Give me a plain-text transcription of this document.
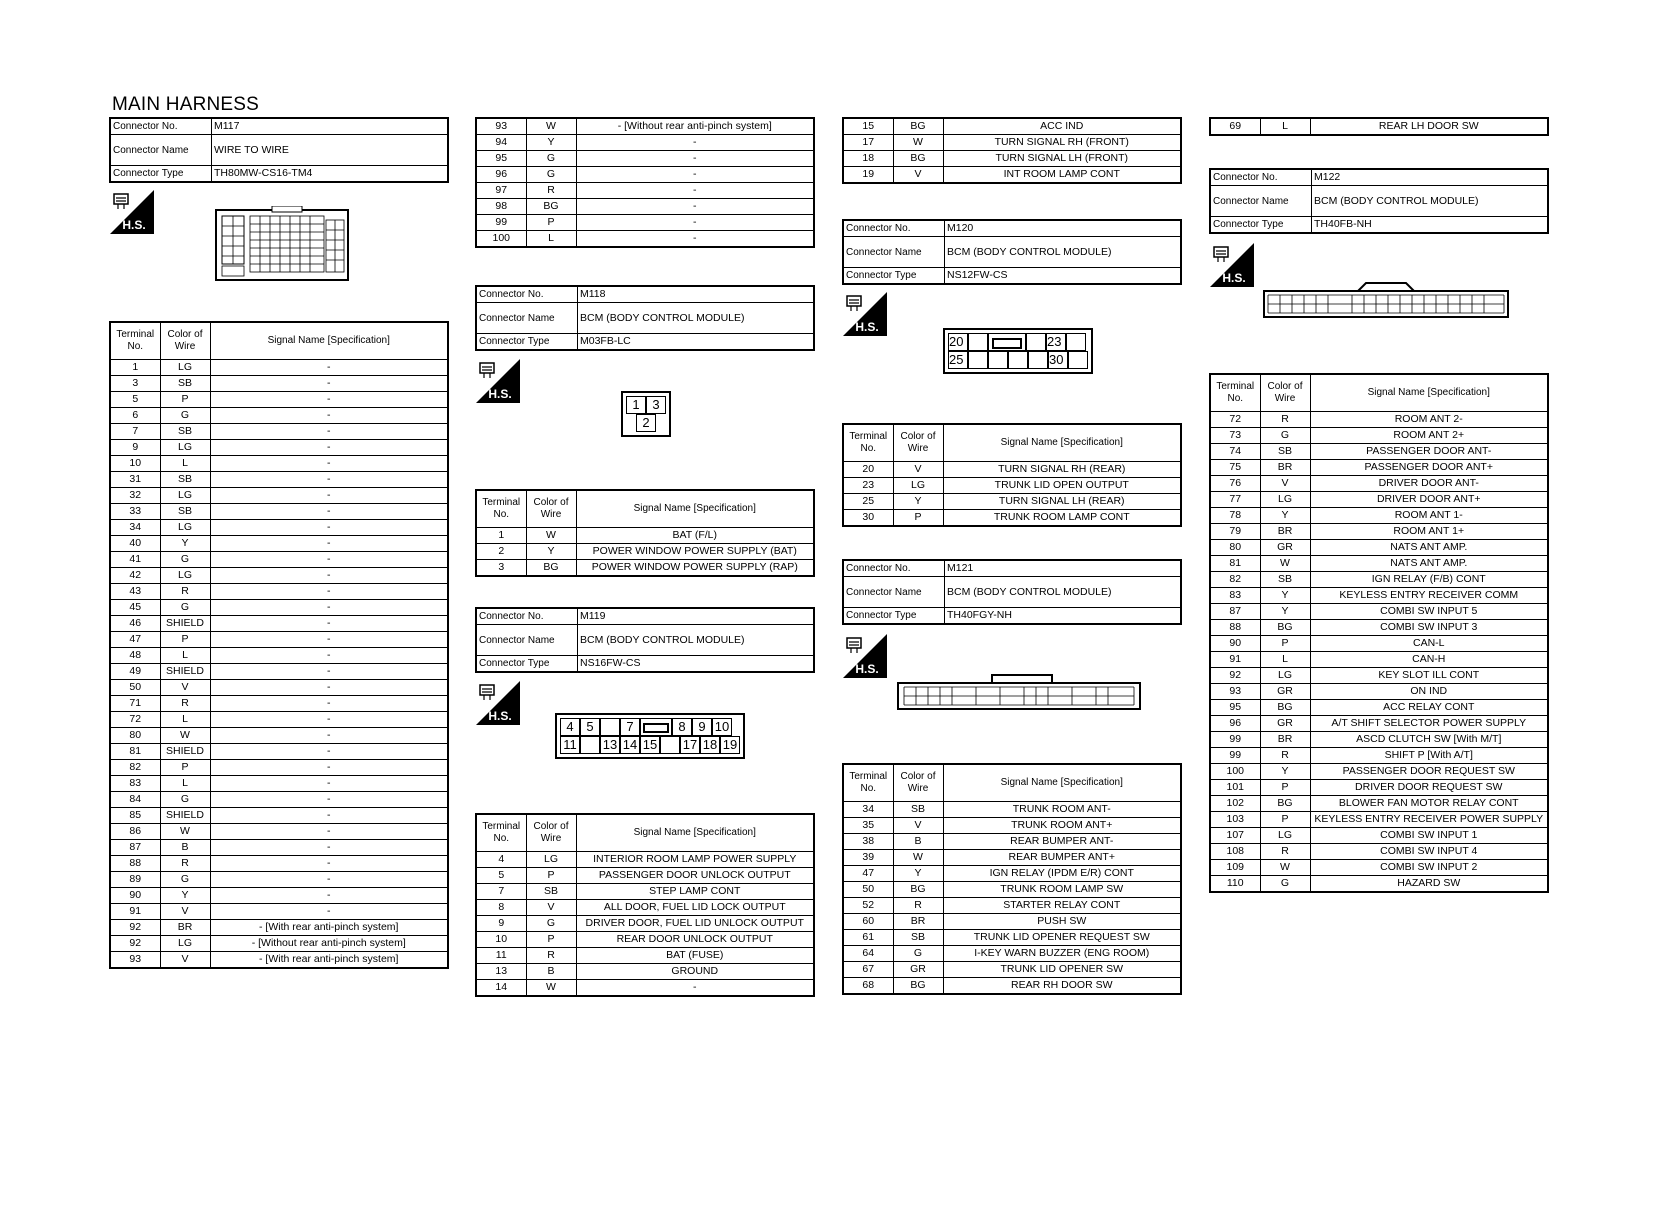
MAIN HARNESS
Connector No.	M117
Connector Name	WIRE TO WIRE
Connector Type	TH80MW-CS16-TM4
Terminal No.	Color of Wire	Signal Name [Specification]
1	LG	-
3	SB	-
5	P	-
6	G	-
7	SB	-
9	LG	-
10	L	-
31	SB	-
32	LG	-
33	SB	-
34	LG	-
40	Y	-
41	G	-
42	LG	-
43	R	-
45	G	-
46	SHIELD	-
47	P	-
48	L	-
49	SHIELD	-
50	V	-
71	R	-
72	L	-
80	W	-
81	SHIELD	-
82	P	-
83	L	-
84	G	-
85	SHIELD	-
86	W	-
87	B	-
88	R	-
89	G	-
90	Y	-
91	V	-
92	BR	- [With rear anti-pinch system]
92	LG	- [Without rear anti-pinch system]
93	V	- [With rear anti-pinch system]
93	W	- [Without rear anti-pinch system]
94	Y	-
95	G	-
96	G	-
97	R	-
98	BG	-
99	P	-
100	L	-
Connector No.	M118
Connector Name	BCM (BODY CONTROL MODULE)
Connector Type	M03FB-LC
1 3
2
Terminal No.	Color of Wire	Signal Name [Specification]
1	W	BAT (F/L)
2	Y	POWER WINDOW POWER SUPPLY (BAT)
3	BG	POWER WINDOW POWER SUPPLY (RAP)
Connector No.	M119
Connector Name	BCM (BODY CONTROL MODULE)
Connector Type	NS16FW-CS
4 5	7	8 9 10
11 13 14 15 17 18 19
Terminal No.	Color of Wire	Signal Name [Specification]
4	LG	INTERIOR ROOM LAMP POWER SUPPLY
5	P	PASSENGER DOOR UNLOCK OUTPUT
7	SB	STEP LAMP CONT
8	V	ALL DOOR, FUEL LID LOCK OUTPUT
9	G	DRIVER DOOR, FUEL LID UNLOCK OUTPUT
10	P	REAR DOOR UNLOCK OUTPUT
11	R	BAT (FUSE)
13	B	GROUND
14	W	-
15	BG	ACC IND
17	W	TURN SIGNAL RH (FRONT)
18	BG	TURN SIGNAL LH (FRONT)
19	V	INT ROOM LAMP CONT
Connector No.	M120
Connector Name	BCM (BODY CONTROL MODULE)
Connector Type	NS12FW-CS
20	23
25	30
Terminal No.	Color of Wire	Signal Name [Specification]
20	V	TURN SIGNAL RH (REAR)
23	LG	TRUNK LID OPEN OUTPUT
25	Y	TURN SIGNAL LH (REAR)
30	P	TRUNK ROOM LAMP CONT
Connector No.	M121
Connector Name	BCM (BODY CONTROL MODULE)
Connector Type	TH40FGY-NH
Terminal No.	Color of Wire	Signal Name [Specification]
34	SB	TRUNK ROOM ANT-
35	V	TRUNK ROOM ANT+
38	B	REAR BUMPER ANT-
39	W	REAR BUMPER ANT+
47	Y	IGN RELAY (IPDM E/R) CONT
50	BG	TRUNK ROOM LAMP SW
52	R	STARTER RELAY CONT
60	BR	PUSH SW
61	SB	TRUNK LID OPENER REQUEST SW
64	G	I-KEY WARN BUZZER (ENG ROOM)
67	GR	TRUNK LID OPENER SW
68	BG	REAR RH DOOR SW
69	L	REAR LH DOOR SW
Connector No.	M122
Connector Name	BCM (BODY CONTROL MODULE)
Connector Type	TH40FB-NH
Terminal No.	Color of Wire	Signal Name [Specification]
72	R	ROOM ANT 2-
73	G	ROOM ANT 2+
74	SB	PASSENGER DOOR ANT-
75	BR	PASSENGER DOOR ANT+
76	V	DRIVER DOOR ANT-
77	LG	DRIVER DOOR ANT+
78	Y	ROOM ANT 1-
79	BR	ROOM ANT 1+
80	GR	NATS ANT AMP.
81	W	NATS ANT AMP.
82	SB	IGN RELAY (F/B) CONT
83	Y	KEYLESS ENTRY RECEIVER COMM
87	Y	COMBI SW INPUT 5
88	BG	COMBI SW INPUT 3
90	P	CAN-L
91	L	CAN-H
92	LG	KEY SLOT ILL CONT
93	GR	ON IND
95	BG	ACC RELAY CONT
96	GR	A/T SHIFT SELECTOR POWER SUPPLY
99	BR	ASCD CLUTCH SW [With M/T]
99	R	SHIFT P [With A/T]
100	Y	PASSENGER DOOR REQUEST SW
101	P	DRIVER DOOR REQUEST SW
102	BG	BLOWER FAN MOTOR RELAY CONT
103	P	KEYLESS ENTRY RECEIVER POWER SUPPLY
107	LG	COMBI SW INPUT 1
108	R	COMBI SW INPUT 4
109	W	COMBI SW INPUT 2
110	G	HAZARD SW
